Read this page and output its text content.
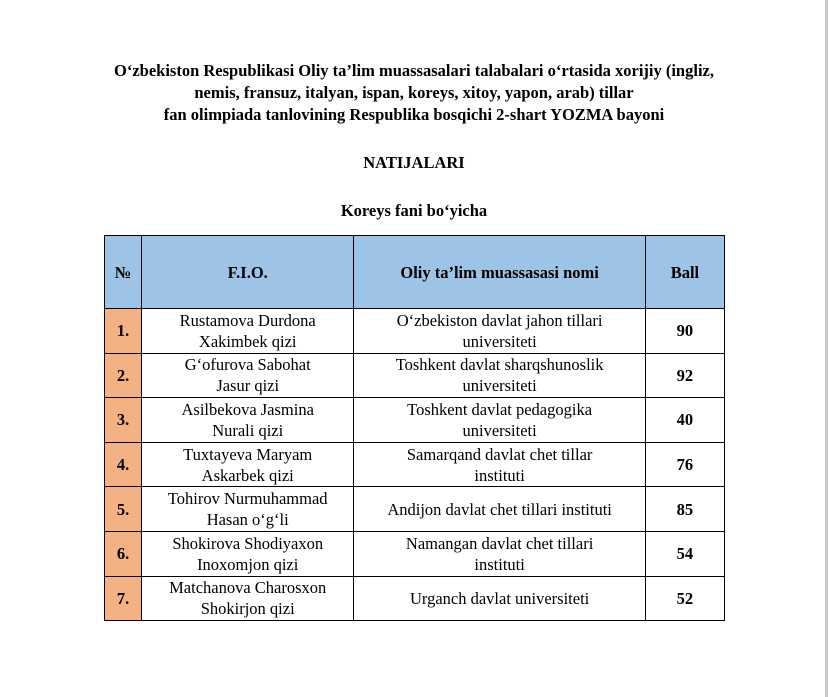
O‘zbekiston Respublikasi Oliy ta’lim muassasalari talabalari o‘rtasida xorijiy (ingliz,
nemis, fransuz, italyan, ispan, koreys, xitoy, yapon, arab) tillar
fan olimpiada tanlovining Respublika bosqichi 2-shart YOZMA bayoni
NATIJALARI
Koreys fani bo‘yicha
№	F.I.O.	Oliy ta’lim muassasasi nomi	Ball
1.	Rustamova Durdona
Xakimbek qizi	O‘zbekiston davlat jahon tillari
universiteti	90
2.	G‘ofurova Sabohat
Jasur qizi	Toshkent davlat sharqshunoslik
universiteti	92
3.	Asilbekova Jasmina
Nurali qizi	Toshkent davlat pedagogika
universiteti	40
4.	Tuxtayeva Maryam
Askarbek qizi	Samarqand davlat chet tillar
instituti	76
5.	Tohirov Nurmuhammad
Hasan o‘g‘li	Andijon davlat chet tillari instituti	85
6.	Shokirova Shodiyaxon
Inoxomjon qizi	Namangan davlat chet tillari
instituti	54
7.	Matchanova Charosxon
Shokirjon qizi	Urganch davlat universiteti	52
